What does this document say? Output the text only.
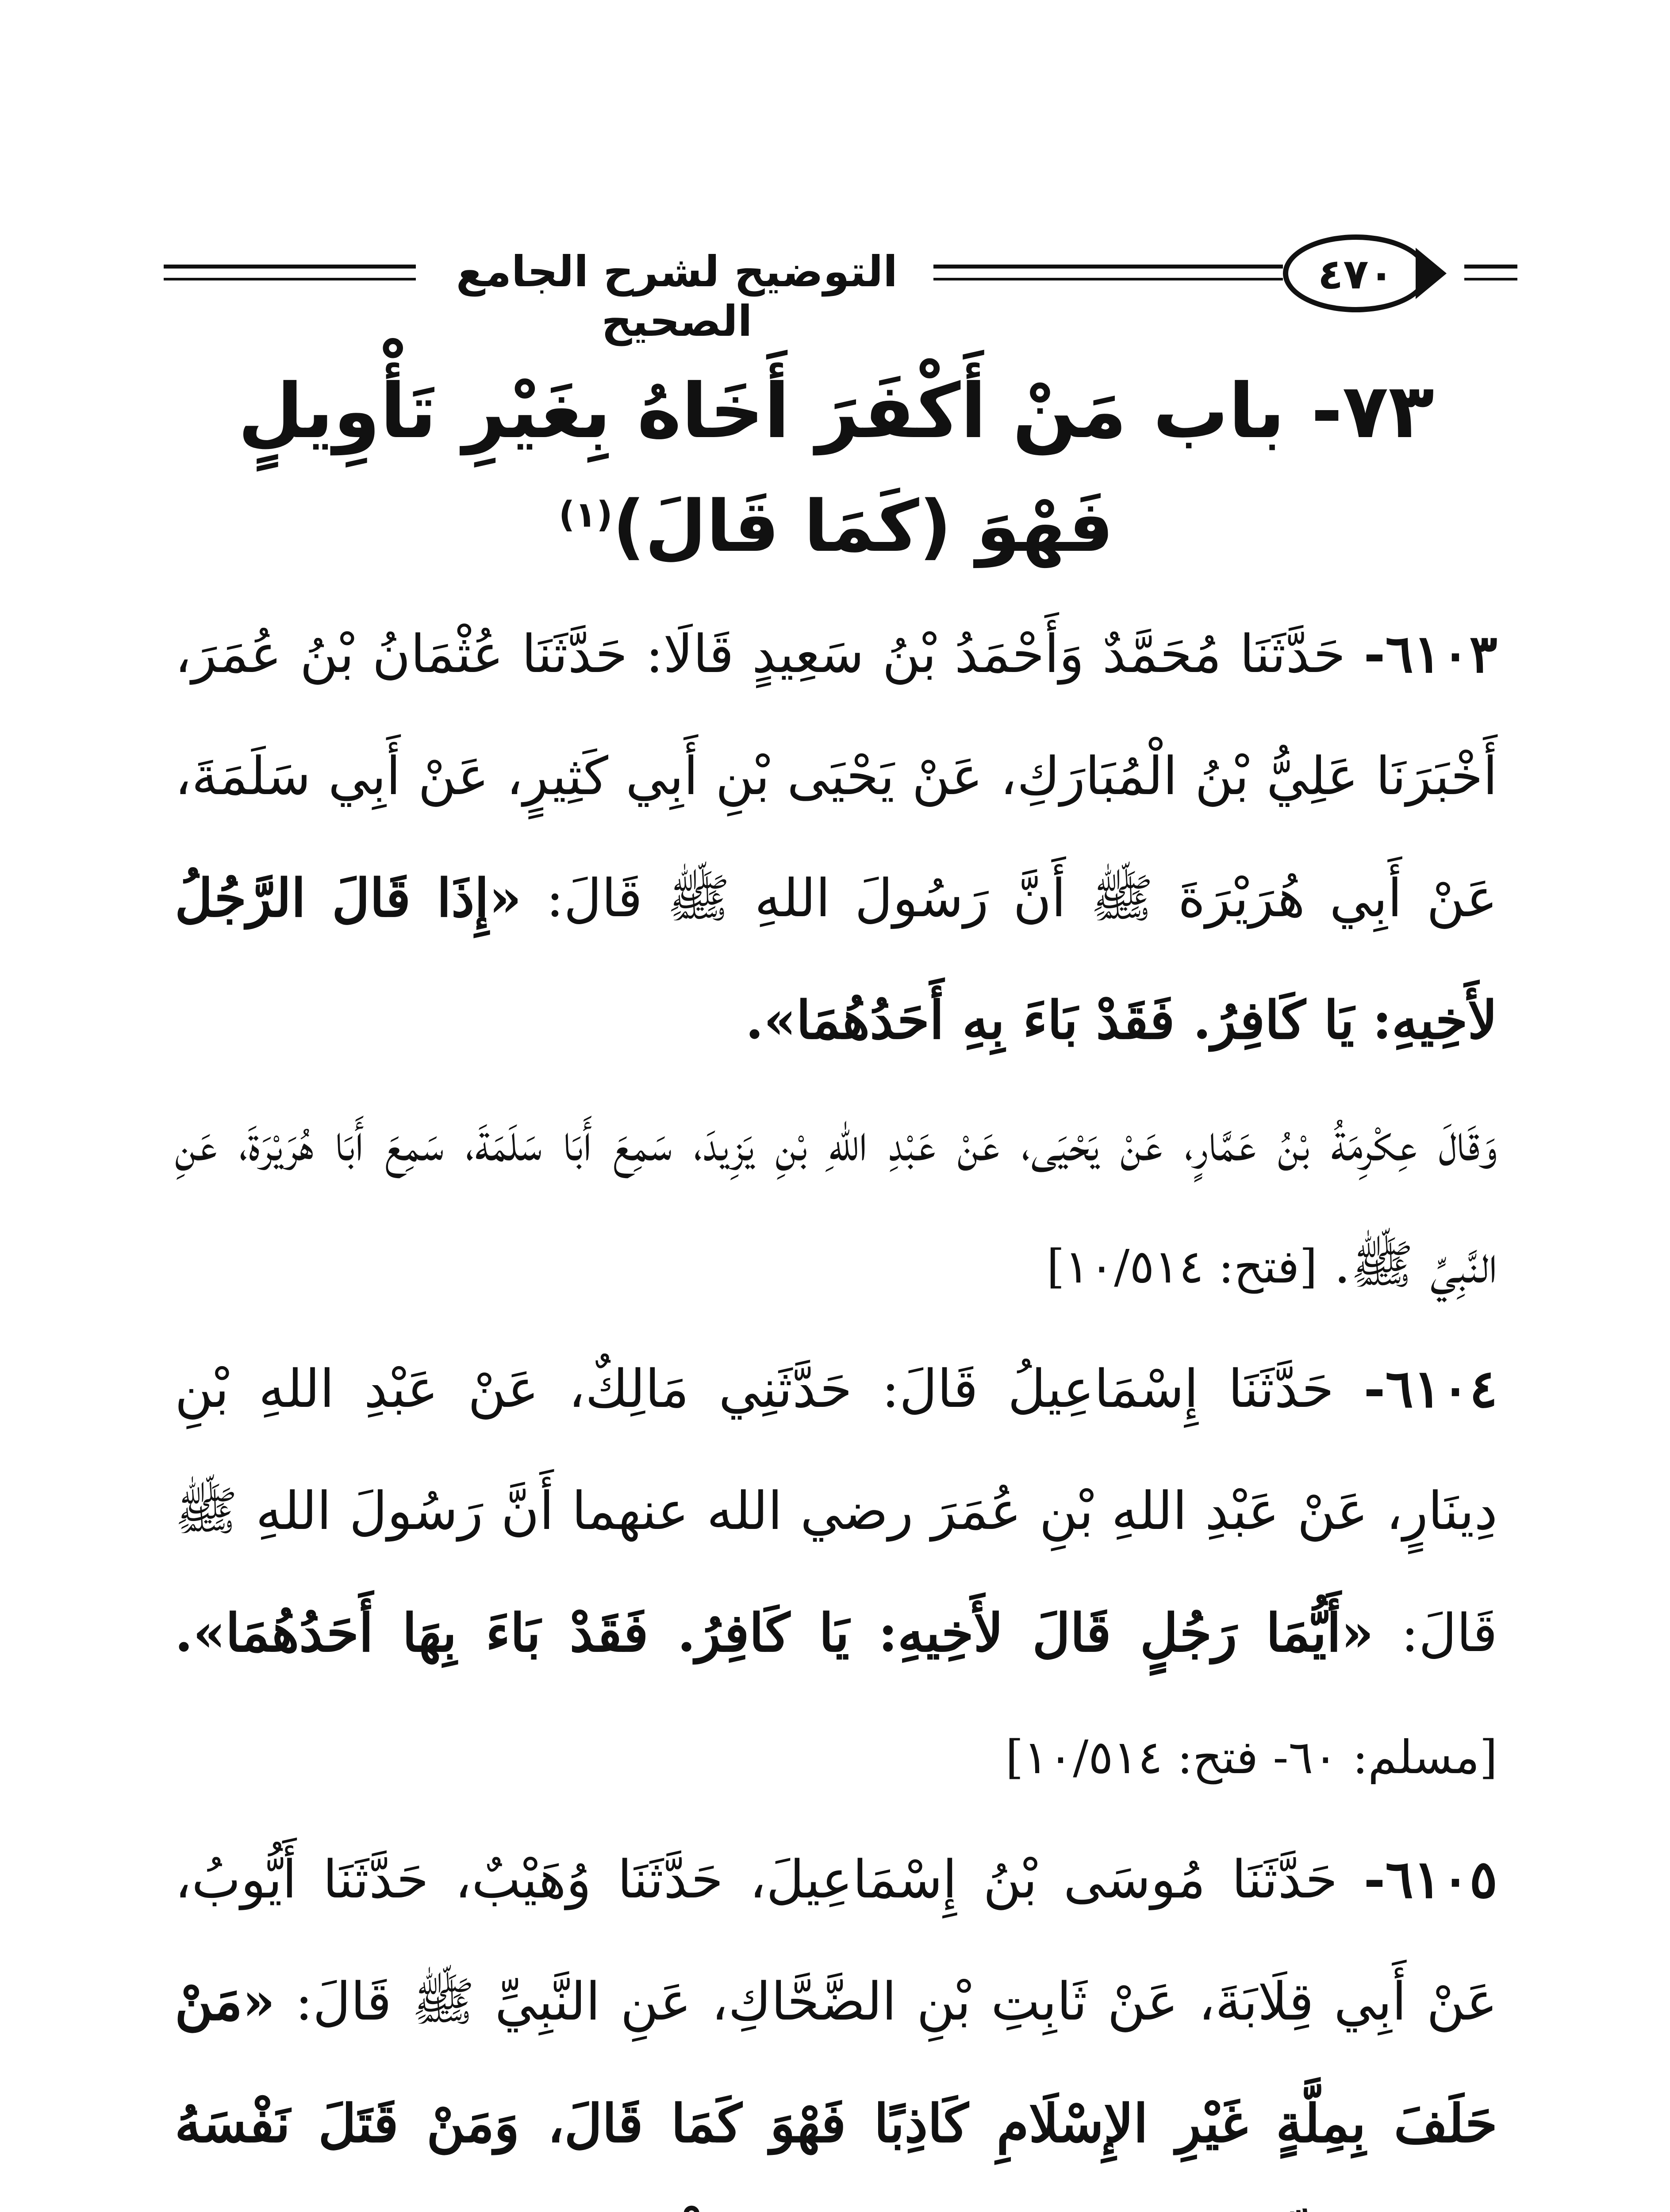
التوضيح لشرح الجامع الصحيح
٤٧٠
٧٣- باب مَنْ أَكْفَرَ أَخَاهُ بِغَيْرِ تَأْوِيلٍ
فَهْوَ (كَمَا قَالَ)$^{(١)}$

٦١٠٣- حَدَّثَنَا مُحَمَّدٌ وَأَحْمَدُ بْنُ سَعِيدٍ قَالَا: حَدَّثَنَا عُثْمَانُ بْنُ عُمَرَ، أَخْبَرَنَا عَلِيُّ بْنُ الْمُبَارَكِ، عَنْ يَحْيَى بْنِ أَبِي كَثِيرٍ، عَنْ أَبِي سَلَمَةَ، عَنْ أَبِي هُرَيْرَةَ ﷺ أَنَّ رَسُولَ اللهِ ﷺ قَالَ: «إِذَا قَالَ الرَّجُلُ لأَخِيهِ: يَا كَافِرُ. فَقَدْ بَاءَ بِهِ أَحَدُهُمَا».
وَقَالَ عِكْرِمَةُ بْنُ عَمَّارٍ، عَنْ يَحْيَى، عَنْ عَبْدِ اللهِ بْنِ يَزِيدَ، سَمِعَ أَبَا سَلَمَةَ، سَمِعَ أَبَا هُرَيْرَةَ، عَنِ النَّبِيِّ ﷺ. [فتح: ١٠/٥١٤]

٦١٠٤- حَدَّثَنَا إِسْمَاعِيلُ قَالَ: حَدَّثَنِي مَالِكٌ، عَنْ عَبْدِ اللهِ بْنِ دِينَارٍ، عَنْ عَبْدِ اللهِ بْنِ عُمَرَ رضي الله عنهما أَنَّ رَسُولَ اللهِ ﷺ قَالَ: «أَيُّمَا رَجُلٍ قَالَ لأَخِيهِ: يَا كَافِرُ. فَقَدْ بَاءَ بِهَا أَحَدُهُمَا». [مسلم: ٦٠- فتح: ١٠/٥١٤]

٦١٠٥- حَدَّثَنَا مُوسَى بْنُ إِسْمَاعِيلَ، حَدَّثَنَا وُهَيْبٌ، حَدَّثَنَا أَيُّوبُ، عَنْ أَبِي قِلَابَةَ، عَنْ ثَابِتِ بْنِ الضَّحَّاكِ، عَنِ النَّبِيِّ ﷺ قَالَ: «مَنْ حَلَفَ بِمِلَّةٍ غَيْرِ الإِسْلَامِ كَاذِبًا فَهْوَ كَمَا قَالَ، وَمَنْ قَتَلَ نَفْسَهُ
